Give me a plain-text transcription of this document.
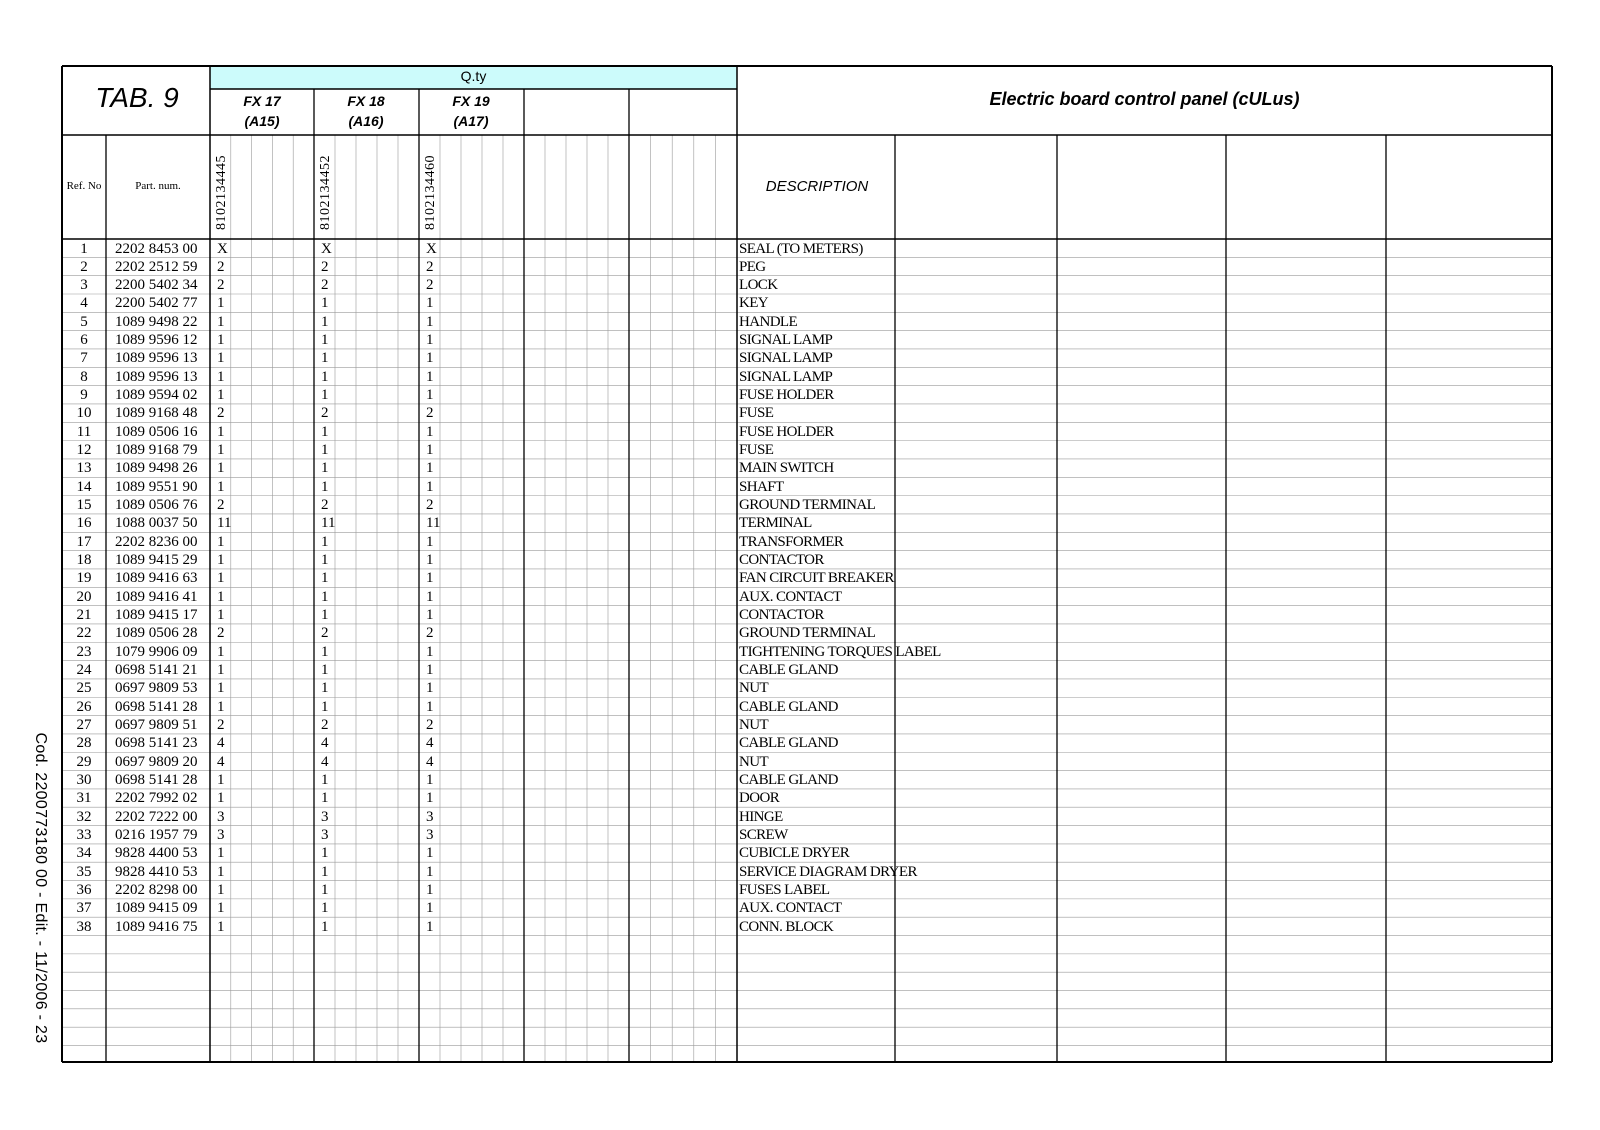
FX 17
(A15)
8102134445
FX 18
(A16)
8102134452
FX 19
(A17)
8102134460
1	2202 8453 00	X	X	X	SEAL (TO METERS)
2	2202 2512 59	2	2	2	PEG
3	2200 5402 34	2	2	2	LOCK
4	2200 5402 77	1	1	1	KEY
5	1089 9498 22	1	1	1	HANDLE
6	1089 9596 12	1	1	1	SIGNAL LAMP
7	1089 9596 13	1	1	1	SIGNAL LAMP
8	1089 9596 13	1	1	1	SIGNAL LAMP
9	1089 9594 02	1	1	1	FUSE HOLDER
10	1089 9168 48	2	2	2	FUSE
11	1089 0506 16	1	1	1	FUSE HOLDER
12	1089 9168 79	1	1	1	FUSE
13	1089 9498 26	1	1	1	MAIN SWITCH
14	1089 9551 90	1	1	1	SHAFT
15	1089 0506 76	2	2	2	GROUND TERMINAL
16	1088 0037 50	11	11	11	TERMINAL
17	2202 8236 00	1	1	1	TRANSFORMER
18	1089 9415 29	1	1	1	CONTACTOR
19	1089 9416 63	1	1	1	FAN CIRCUIT BREAKER
20	1089 9416 41	1	1	1	AUX. CONTACT
21	1089 9415 17	1	1	1	CONTACTOR
22	1089 0506 28	2	2	2	GROUND TERMINAL
23	1079 9906 09	1	1	1	TIGHTENING TORQUES LABEL
24	0698 5141 21	1	1	1	CABLE GLAND
25	0697 9809 53	1	1	1	NUT
26	0698 5141 28	1	1	1	CABLE GLAND
27	0697 9809 51	2	2	2	NUT
28	0698 5141 23	4	4	4	CABLE GLAND
29	0697 9809 20	4	4	4	NUT
30	0698 5141 28	1	1	1	CABLE GLAND
31	2202 7992 02	1	1	1	DOOR
32	2202 7222 00	3	3	3	HINGE
33	0216 1957 79	3	3	3	SCREW
34	9828 4400 53	1	1	1	CUBICLE DRYER
35	9828 4410 53	1	1	1	SERVICE DIAGRAM DRYER
36	2202 8298 00	1	1	1	FUSES LABEL
37	1089 9415 09	1	1	1	AUX. CONTACT
38	1089 9416 75	1	1	1	CONN. BLOCK
TAB. 9
Q.ty
Electric board control panel (cULus)
Ref. No	Part. num.	DESCRIPTION
Cod. 2200773180 00 - Edit. - 11/2006 - 23
